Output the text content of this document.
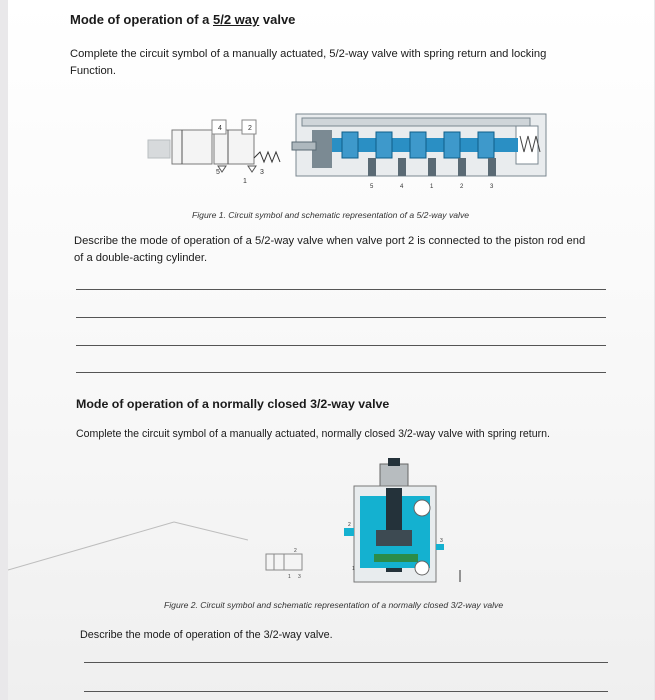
Mode of operation of a 5/2 way valve
Complete the circuit symbol of a manually actuated, 5/2-way valve with spring return and locking
Function.
4	2
5
1
3
5	4	1	2	3
Figure 1. Circuit symbol and schematic representation of a 5/2-way valve
Describe the mode of operation of a 5/2-way valve when valve port 2 is connected to the piston rod end
of a double-acting cylinder.
Mode of operation of a normally closed 3/2-way valve
Complete the circuit symbol of a manually actuated, normally closed 3/2-way valve with spring return.
2
1 3
2
1
3
Figure 2. Circuit symbol and schematic representation of a normally closed 3/2-way valve
Describe the mode of operation of the 3/2-way valve.
